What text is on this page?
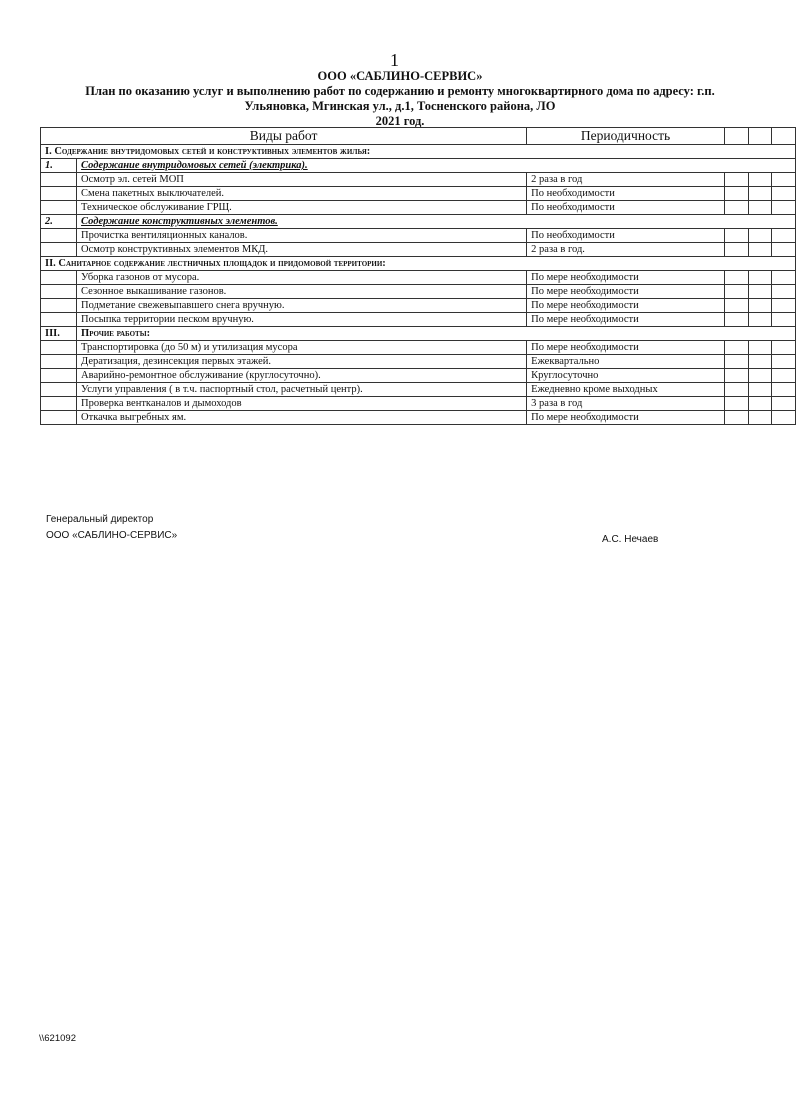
1
ООО «САБЛИНО-СЕРВИС»
План по оказанию услуг и выполнению работ по содержанию и ремонту многоквартирного дома по адресу: г.п.
Ульяновка, Мгинская ул., д.1, Тосненского района, ЛО
2021 год.
Виды работ		Периодичность			
I. Содержание внутридомовых сетей и конструктивных элементов жилья:					
1.	Содержание внутридомовых сетей (электрика).				
	Осмотр эл. сетей МОП	2 раза в год			
	Смена пакетных выключателей.	По необходимости			
	Техническое обслуживание ГРЩ.	По необходимости			
2.	Содержание конструктивных элементов.				
	Прочистка вентиляционных каналов.	По необходимости			
	Осмотр конструктивных элементов МКД.	2 раза в год.			
II. Санитарное содержание лестничных площадок и придомовой территории:					
	Уборка газонов от мусора.	По мере необходимости			
	Сезонное выкашивание газонов.	По мере необходимости			
	Подметание свежевыпавшего снега вручную.	По мере необходимости			
	Посыпка территории песком вручную.	По мере необходимости			
III.	Прочие работы:				
	Транспортировка (до 50 м) и утилизация мусора	По мере необходимости			
	Дератизация, дезинсекция первых этажей.	Ежеквартально			
	Аварийно-ремонтное обслуживание (круглосуточно).	Круглосуточно			
	Услуги управления ( в т.ч. паспортный стол, расчетный центр).	Ежедневно кроме выходных			
	Проверка вентканалов и дымоходов	3 раза в год			
	Откачка выгребных ям.	По мере необходимости			
Генеральный директор
ООО «САБЛИНО-СЕРВИС»	А.С. Нечаев
\\621092
